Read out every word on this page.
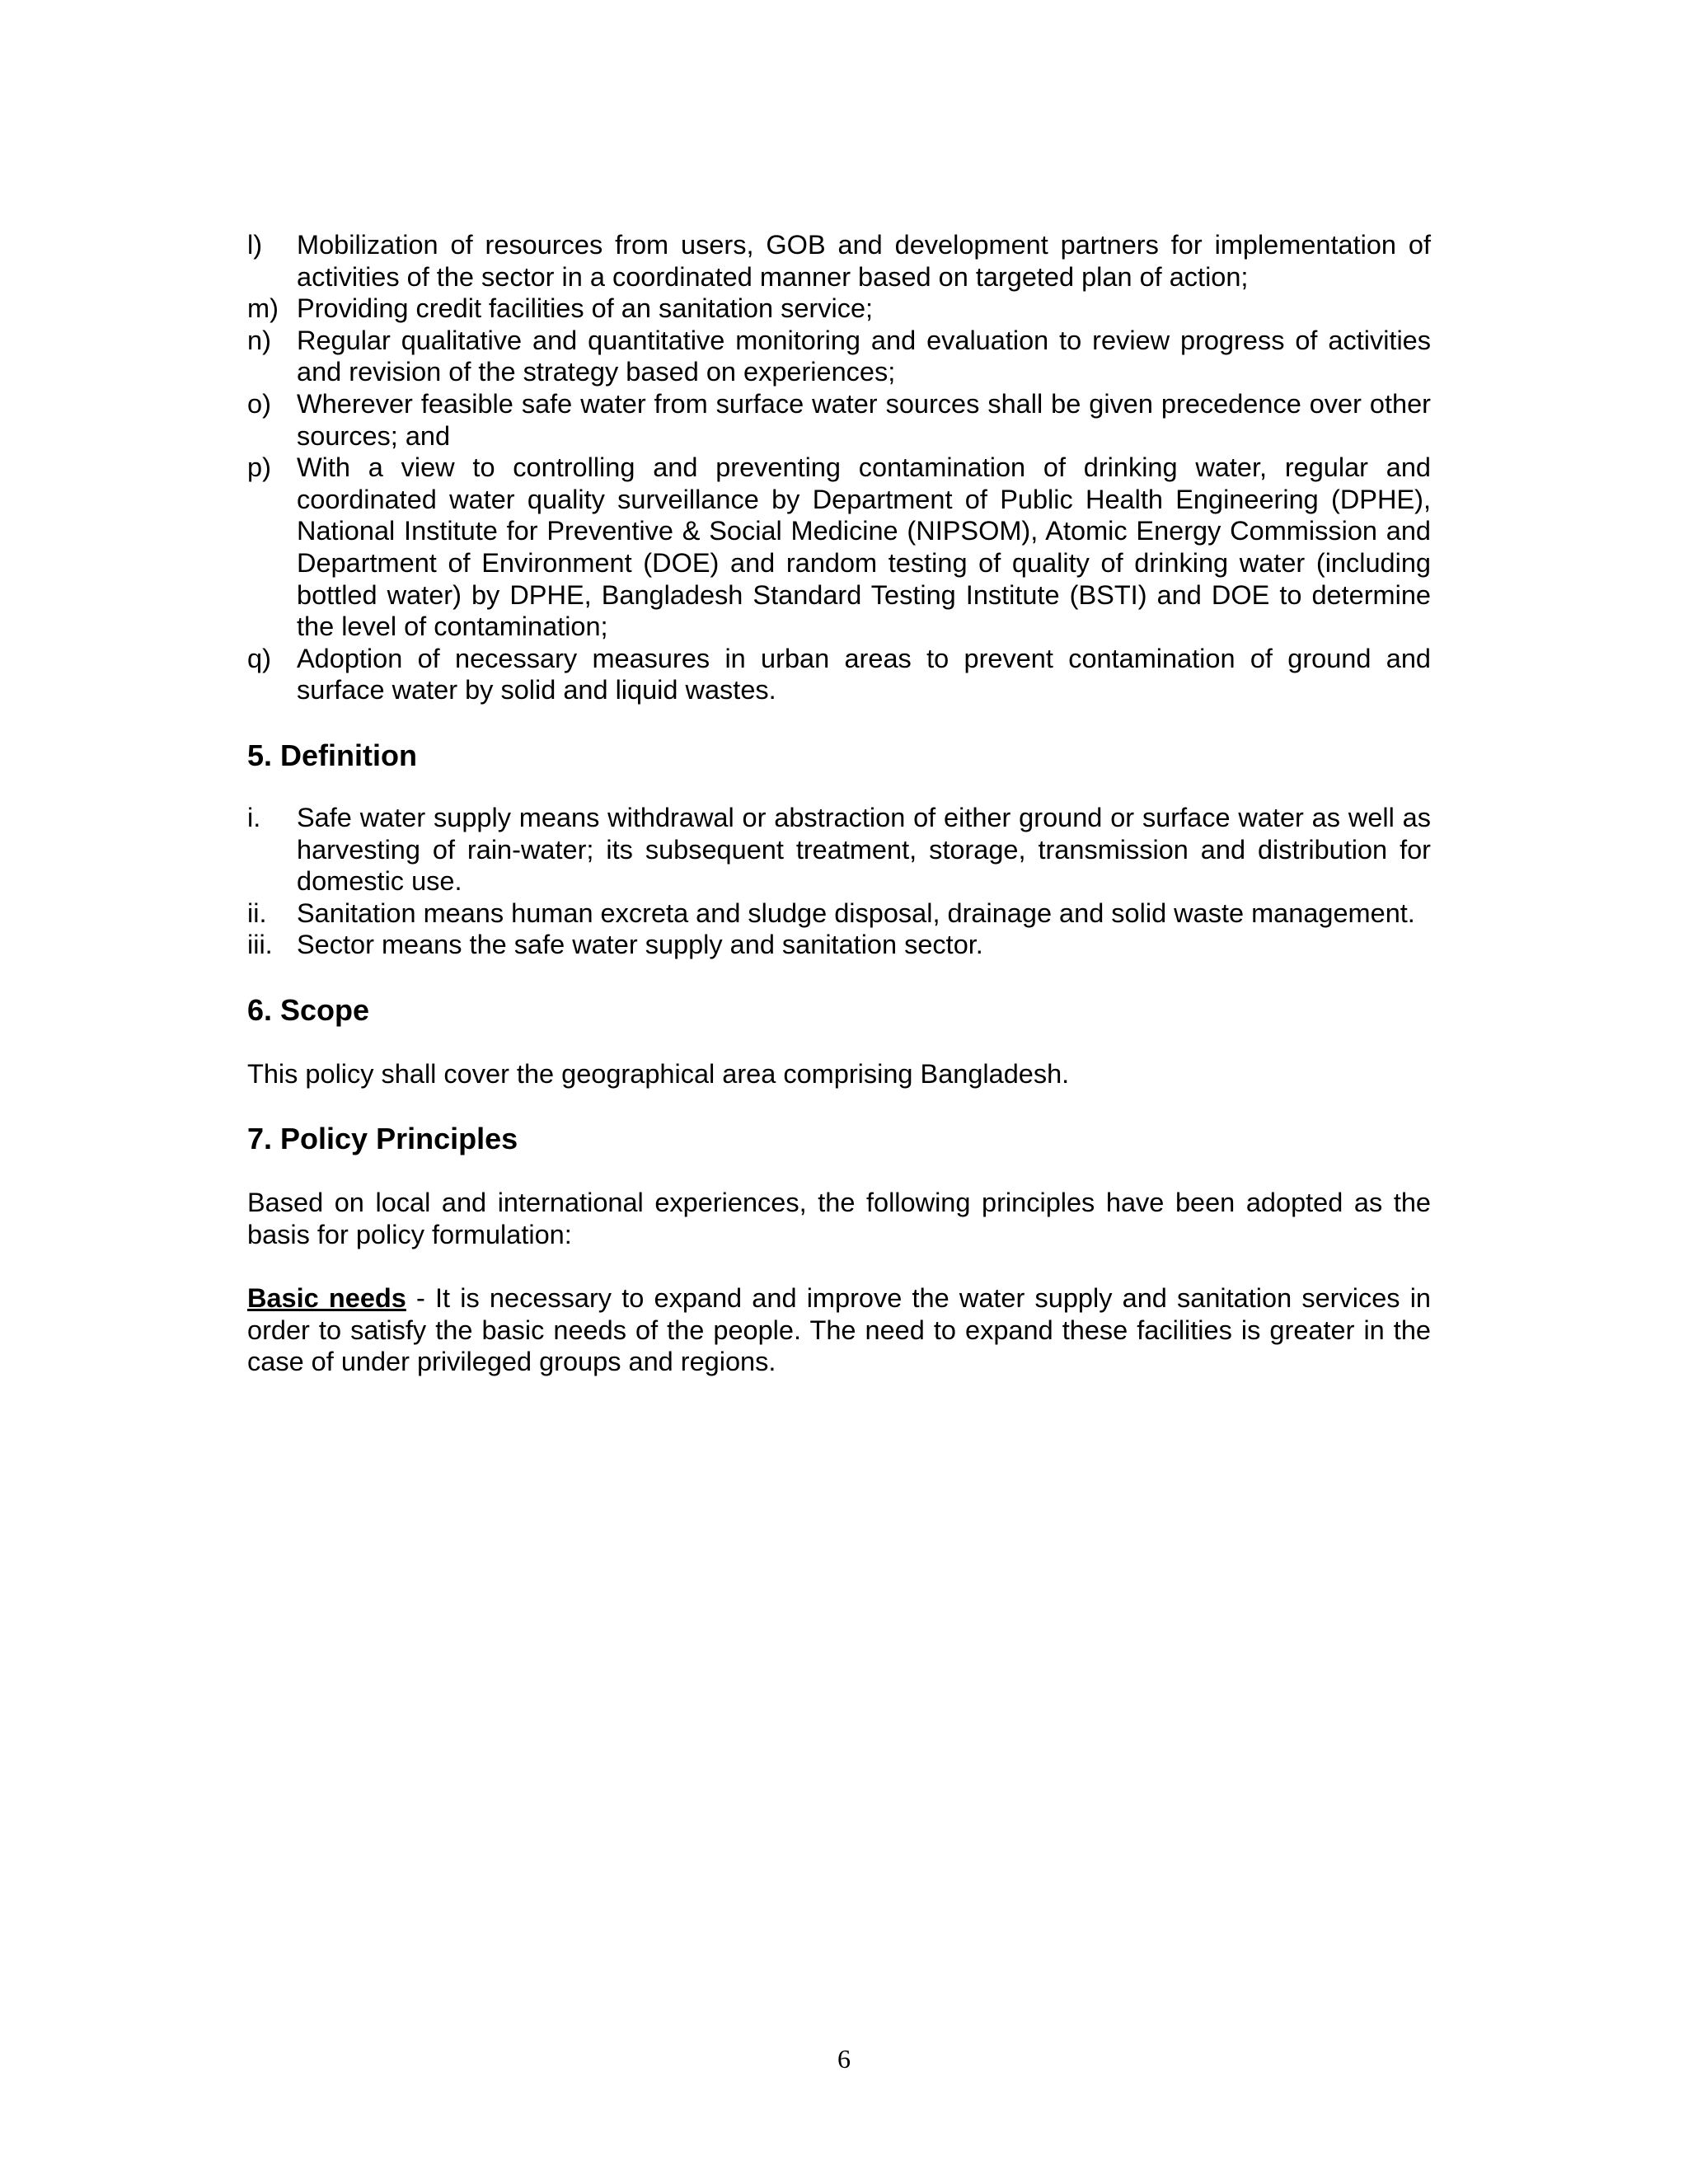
l)	Mobilization of resources from users, GOB and development partners for implementation of activities of the sector in a coordinated manner based on targeted plan of action;
m) Providing credit facilities of an sanitation service;
n) Regular qualitative and quantitative monitoring and evaluation to review progress of activities and revision of the strategy based on experiences;
o) Wherever feasible safe water from surface water sources shall be given precedence over other sources; and
p) With a view to controlling and preventing contamination of drinking water, regular and coordinated water quality surveillance by Department of Public Health Engineering (DPHE), National Institute for Preventive & Social Medicine (NIPSOM), Atomic Energy Commission and Department of Environment (DOE) and random testing of quality of drinking water (including bottled water) by DPHE, Bangladesh Standard Testing Institute (BSTI) and DOE to determine the level of contamination;
q) Adoption of necessary measures in urban areas to prevent contamination of ground and surface water by solid and liquid wastes.
5. Definition
i.	Safe water supply means withdrawal or abstraction of either ground or surface water as well as harvesting of rain-water; its subsequent treatment, storage, transmission and distribution for domestic use.
ii.	Sanitation means human excreta and sludge disposal, drainage and solid waste management.
iii. Sector means the safe water supply and sanitation sector.
6. Scope

This policy shall cover the geographical area comprising Bangladesh.

7. Policy Principles

Based on local and international experiences, the following principles have been adopted as the basis for policy formulation:

Basic needs - It is necessary to expand and improve the water supply and sanitation services in order to satisfy the basic needs of the people. The need to expand these facilities is greater in the case of under privileged groups and regions.

6
